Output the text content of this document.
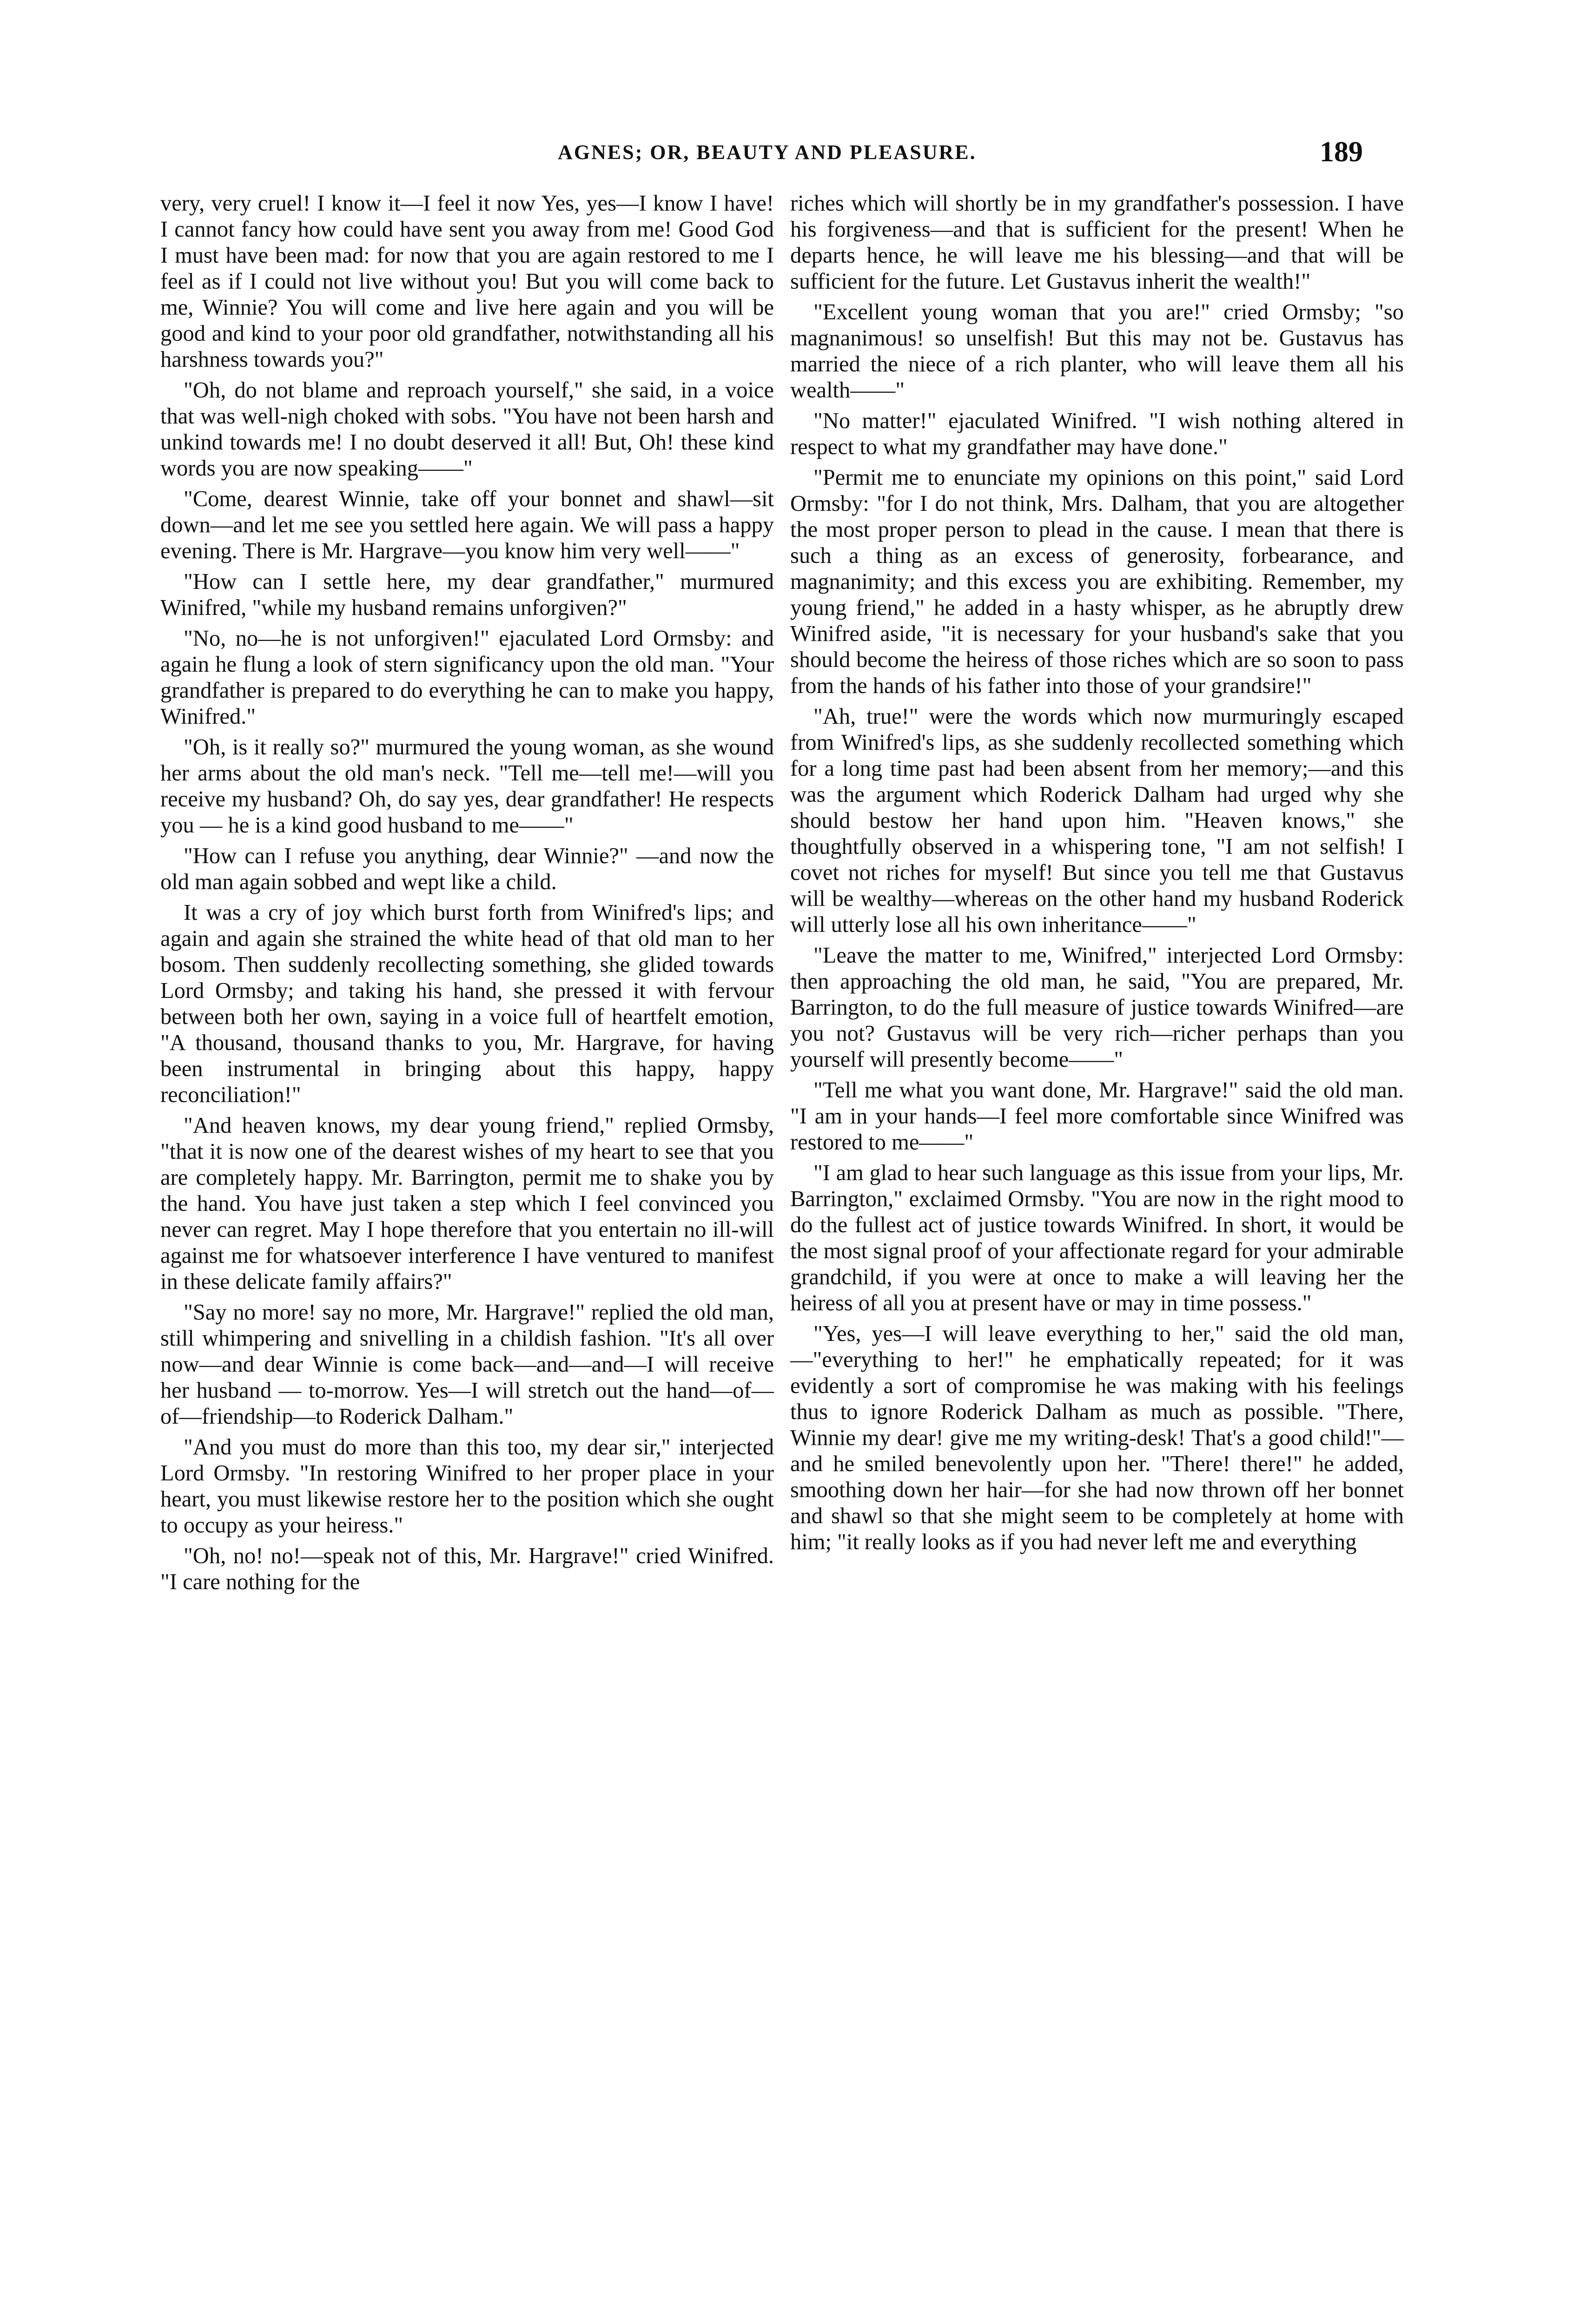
AGNES; OR, BEAUTY AND PLEASURE.	189

very, very cruel! I know it—I feel it now Yes, yes—I know I have! I cannot fancy how could have sent you away from me! Good God I must have been mad: for now that you are again restored to me I feel as if I could not live without you! But you will come back to me, Winnie? You will come and live here again and you will be good and kind to your poor old grandfather, notwithstanding all his harshness towards you?"

"Oh, do not blame and reproach yourself," she said, in a voice that was well-nigh choked with sobs. "You have not been harsh and unkind towards me! I no doubt deserved it all! But, Oh! these kind words you are now speaking——"

"Come, dearest Winnie, take off your bonnet and shawl—sit down—and let me see you settled here again. We will pass a happy evening. There is Mr. Hargrave—you know him very well——"

"How can I settle here, my dear grandfather," murmured Winifred, "while my husband remains unforgiven?"

"No, no—he is not unforgiven!" ejaculated Lord Ormsby: and again he flung a look of stern significancy upon the old man. "Your grandfather is prepared to do everything he can to make you happy, Winifred."

"Oh, is it really so?" murmured the young woman, as she wound her arms about the old man's neck. "Tell me—tell me!—will you receive my husband? Oh, do say yes, dear grandfather! He respects you — he is a kind good husband to me——"

"How can I refuse you anything, dear Winnie?" —and now the old man again sobbed and wept like a child.

It was a cry of joy which burst forth from Winifred's lips; and again and again she strained the white head of that old man to her bosom. Then suddenly recollecting something, she glided towards Lord Ormsby; and taking his hand, she pressed it with fervour between both her own, saying in a voice full of heartfelt emotion, "A thousand, thousand thanks to you, Mr. Hargrave, for having been instrumental in bringing about this happy, happy reconciliation!"

"And heaven knows, my dear young friend," replied Ormsby, "that it is now one of the dearest wishes of my heart to see that you are completely happy. Mr. Barrington, permit me to shake you by the hand. You have just taken a step which I feel convinced you never can regret. May I hope therefore that you entertain no ill-will against me for whatsoever interference I have ventured to manifest in these delicate family affairs?"

"Say no more! say no more, Mr. Hargrave!" replied the old man, still whimpering and snivelling in a childish fashion. "It's all over now—and dear Winnie is come back—and—and—I will receive her husband — to-morrow. Yes—I will stretch out the hand—of—of—friendship—to Roderick Dalham."

"And you must do more than this too, my dear sir," interjected Lord Ormsby. "In restoring Winifred to her proper place in your heart, you must likewise restore her to the position which she ought to occupy as your heiress."

"Oh, no! no!—speak not of this, Mr. Hargrave!" cried Winifred. "I care nothing for the

riches which will shortly be in my grandfather's possession. I have his forgiveness—and that is sufficient for the present! When he departs hence, he will leave me his blessing—and that will be sufficient for the future. Let Gustavus inherit the wealth!"

"Excellent young woman that you are!" cried Ormsby; "so magnanimous! so unselfish! But this may not be. Gustavus has married the niece of a rich planter, who will leave them all his wealth——"

"No matter!" ejaculated Winifred. "I wish nothing altered in respect to what my grandfather may have done."

"Permit me to enunciate my opinions on this point," said Lord Ormsby: "for I do not think, Mrs. Dalham, that you are altogether the most proper person to plead in the cause. I mean that there is such a thing as an excess of generosity, forbearance, and magnanimity; and this excess you are exhibiting. Remember, my young friend," he added in a hasty whisper, as he abruptly drew Winifred aside, "it is necessary for your husband's sake that you should become the heiress of those riches which are so soon to pass from the hands of his father into those of your grandsire!"

"Ah, true!" were the words which now murmuringly escaped from Winifred's lips, as she suddenly recollected something which for a long time past had been absent from her memory;—and this was the argument which Roderick Dalham had urged why she should bestow her hand upon him. "Heaven knows," she thoughtfully observed in a whispering tone, "I am not selfish! I covet not riches for myself! But since you tell me that Gustavus will be wealthy—whereas on the other hand my husband Roderick will utterly lose all his own inheritance——"

"Leave the matter to me, Winifred," interjected Lord Ormsby: then approaching the old man, he said, "You are prepared, Mr. Barrington, to do the full measure of justice towards Winifred—are you not? Gustavus will be very rich—richer perhaps than you yourself will presently become——"

"Tell me what you want done, Mr. Hargrave!" said the old man. "I am in your hands—I feel more comfortable since Winifred was restored to me——"

"I am glad to hear such language as this issue from your lips, Mr. Barrington," exclaimed Ormsby. "You are now in the right mood to do the fullest act of justice towards Winifred. In short, it would be the most signal proof of your affectionate regard for your admirable grandchild, if you were at once to make a will leaving her the heiress of all you at present have or may in time possess."

"Yes, yes—I will leave everything to her," said the old man,—"everything to her!" he emphatically repeated; for it was evidently a sort of compromise he was making with his feelings thus to ignore Roderick Dalham as much as possible. "There, Winnie my dear! give me my writing-desk! That's a good child!"—and he smiled benevolently upon her. "There! there!" he added, smoothing down her hair—for she had now thrown off her bonnet and shawl so that she might seem to be completely at home with him; "it really looks as if you had never left me and everything
